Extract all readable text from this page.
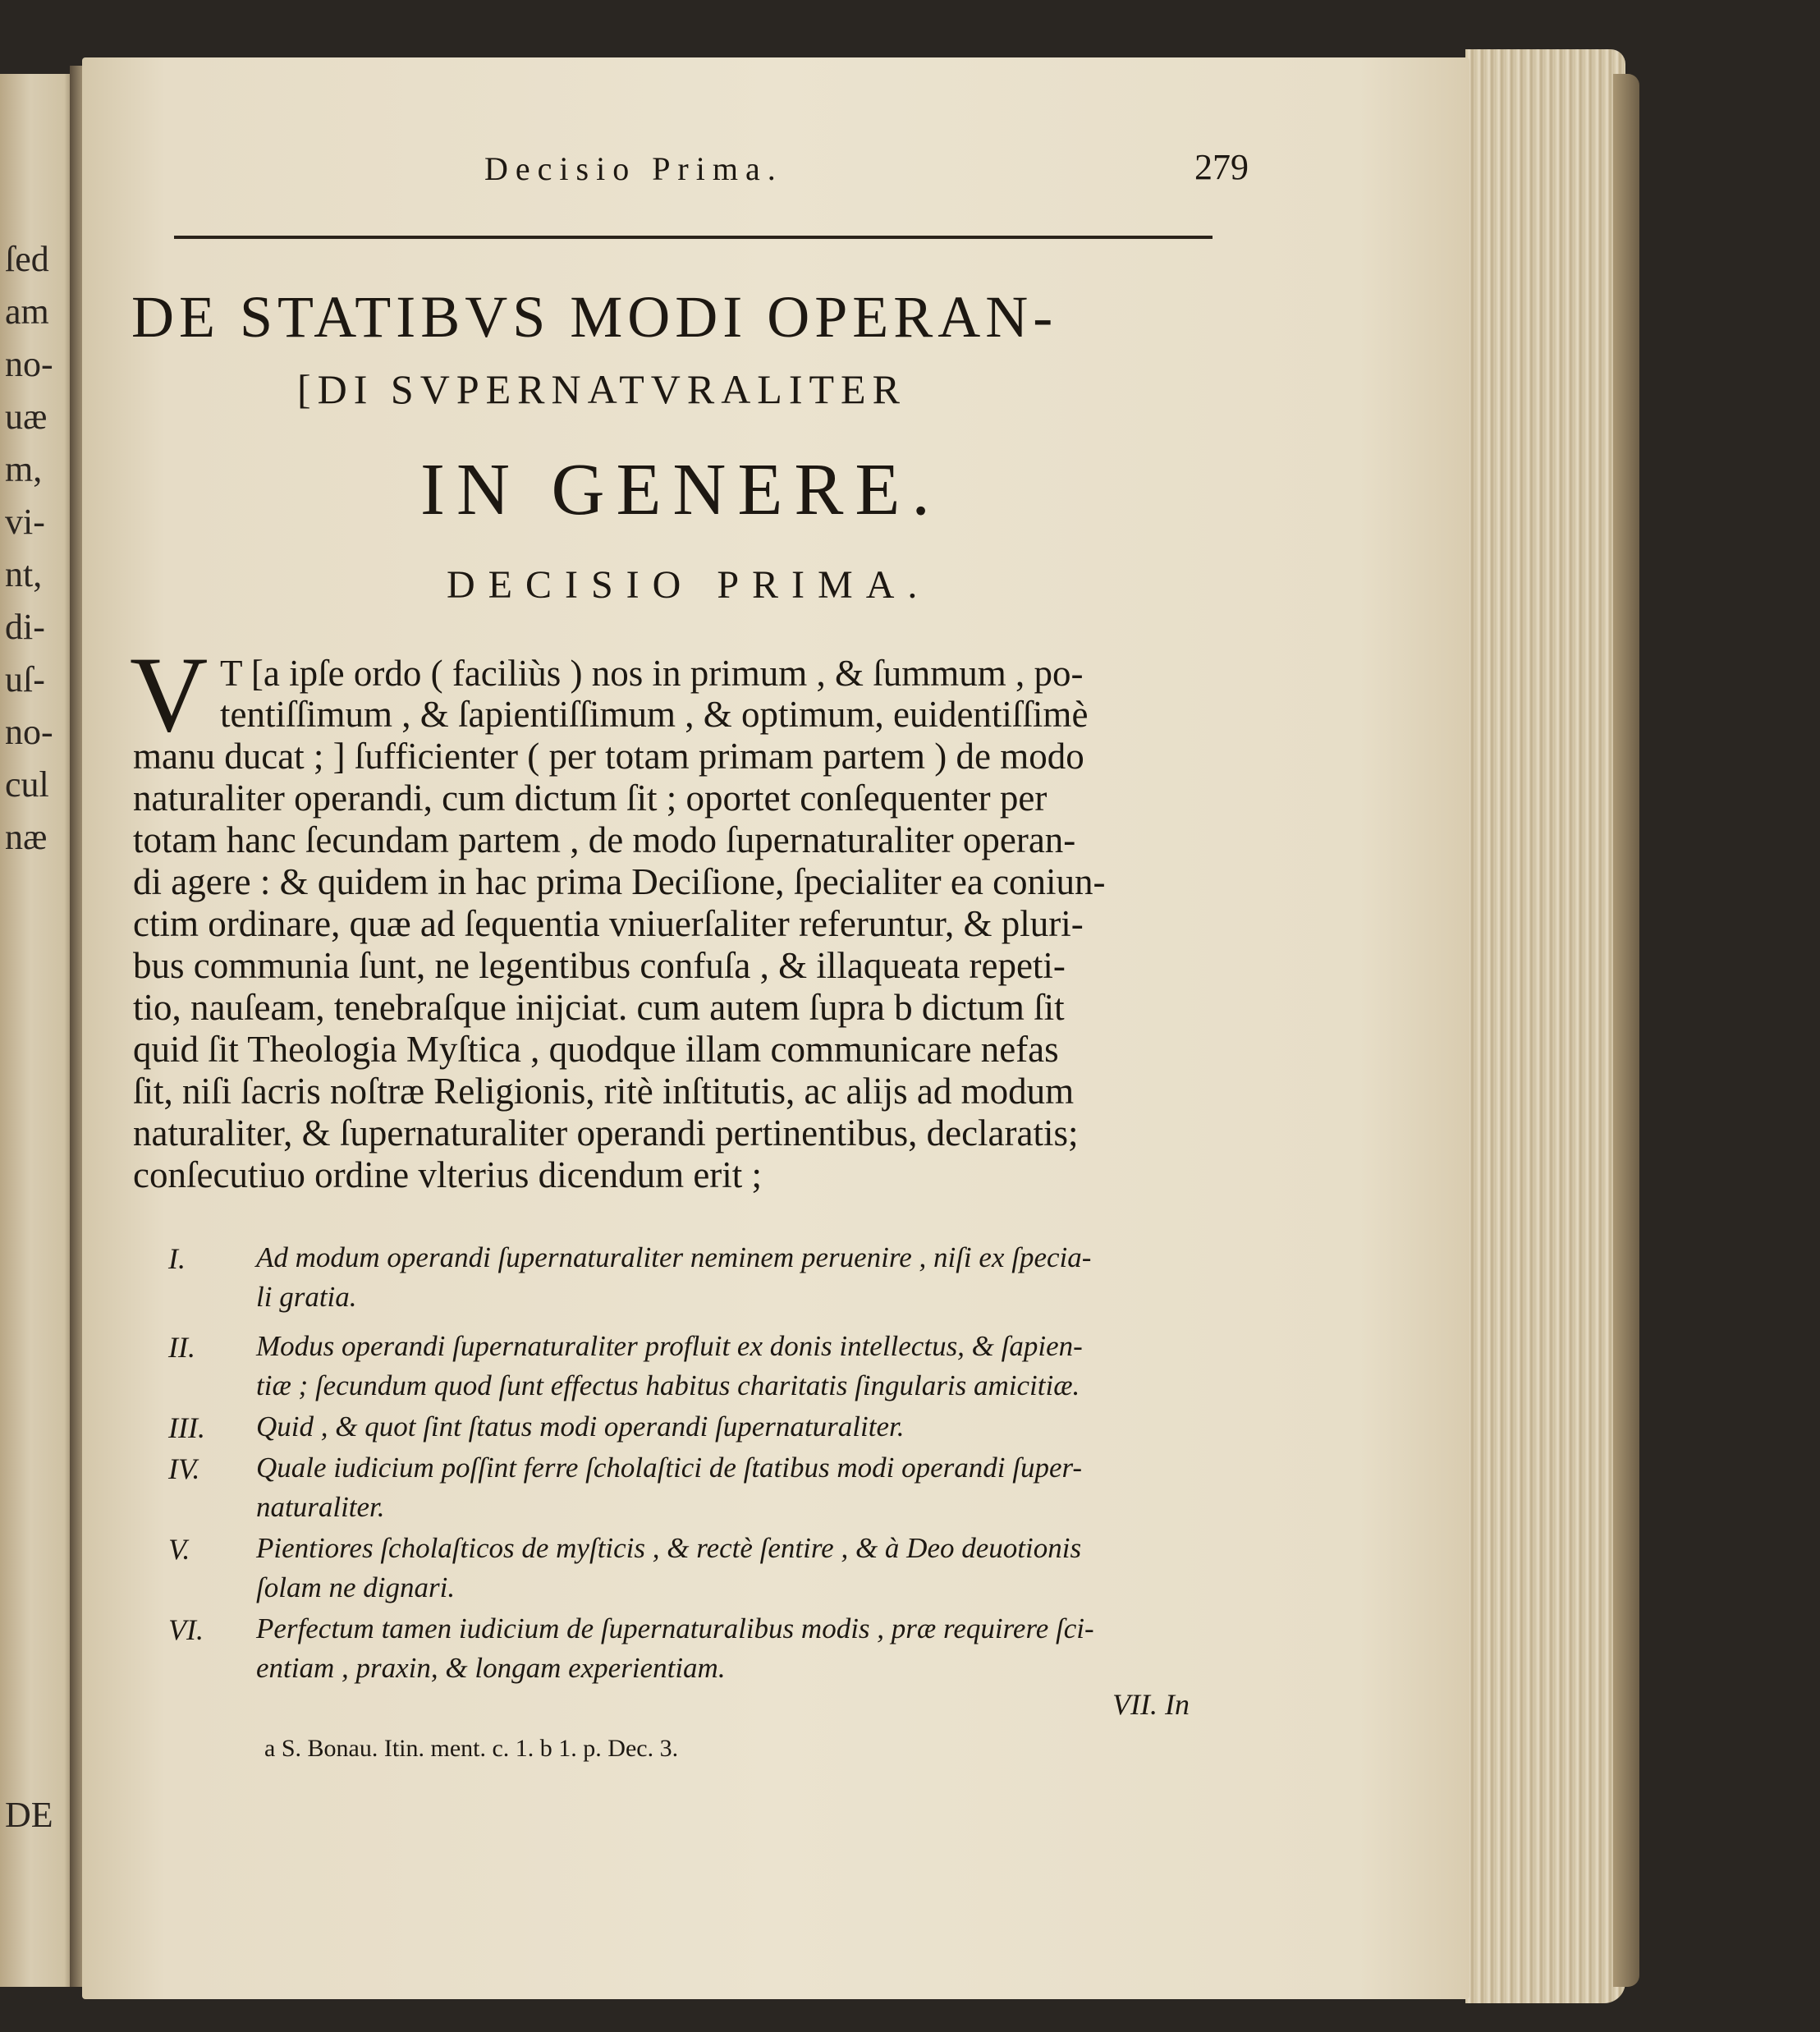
ſed
am
no-
uæ
m,
vi-
nt,
di-
uſ-
no-
cul
næ
DE
Decisio Prima.	279
DE STATIBVS MODI OPERAN-
[DI SVPERNATVRALITER
IN GENERE.
DECISIO PRIMA.
V T [a ipſe ordo ( faciliùs ) nos in primum , & ſummum , po-
tentiſſimum , & ſapientiſſimum , & optimum, euidentiſſimè
manu ducat ; ] ſufficienter ( per totam primam partem ) de modo
naturaliter operandi, cum dictum ſit ; oportet conſequenter per
totam hanc ſecundam partem , de modo ſupernaturaliter operan-
di agere : & quidem in hac prima Deciſione, ſpecialiter ea coniun-
ctim ordinare, quæ ad ſequentia vniuerſaliter referuntur, & pluri-
bus communia ſunt, ne legentibus confuſa , & illaqueata repeti-
tio, nauſeam, tenebraſque inijciat. cum autem ſupra b dictum ſit
quid ſit Theologia Myſtica , quodque illam communicare nefas
ſit, niſi ſacris noſtræ Religionis, ritè inſtitutis, ac alijs ad modum
naturaliter, & ſupernaturaliter operandi pertinentibus, declaratis;
conſecutiuo ordine vlterius dicendum erit ;
I. Ad modum operandi ſupernaturaliter neminem peruenire , niſi ex ſpecia-
li gratia.
II. Modus operandi ſupernaturaliter profluit ex donis intellectus, & ſapien-
tiæ ; ſecundum quod ſunt effectus habitus charitatis ſingularis amicitiæ.
III. Quid , & quot ſint ſtatus modi operandi ſupernaturaliter.
IV. Quale iudicium poſſint ferre ſcholaſtici de ſtatibus modi operandi ſuper-
naturaliter.
V. Pientiores ſcholaſticos de myſticis , & rectè ſentire , & à Deo deuotionis
ſolam ne dignari.
VI. Perfectum tamen iudicium de ſupernaturalibus modis , præ requirere ſci-
entiam , praxin, & longam experientiam.
VII. In
a S. Bonau. Itin. ment. c. 1. b 1. p. Dec. 3.
